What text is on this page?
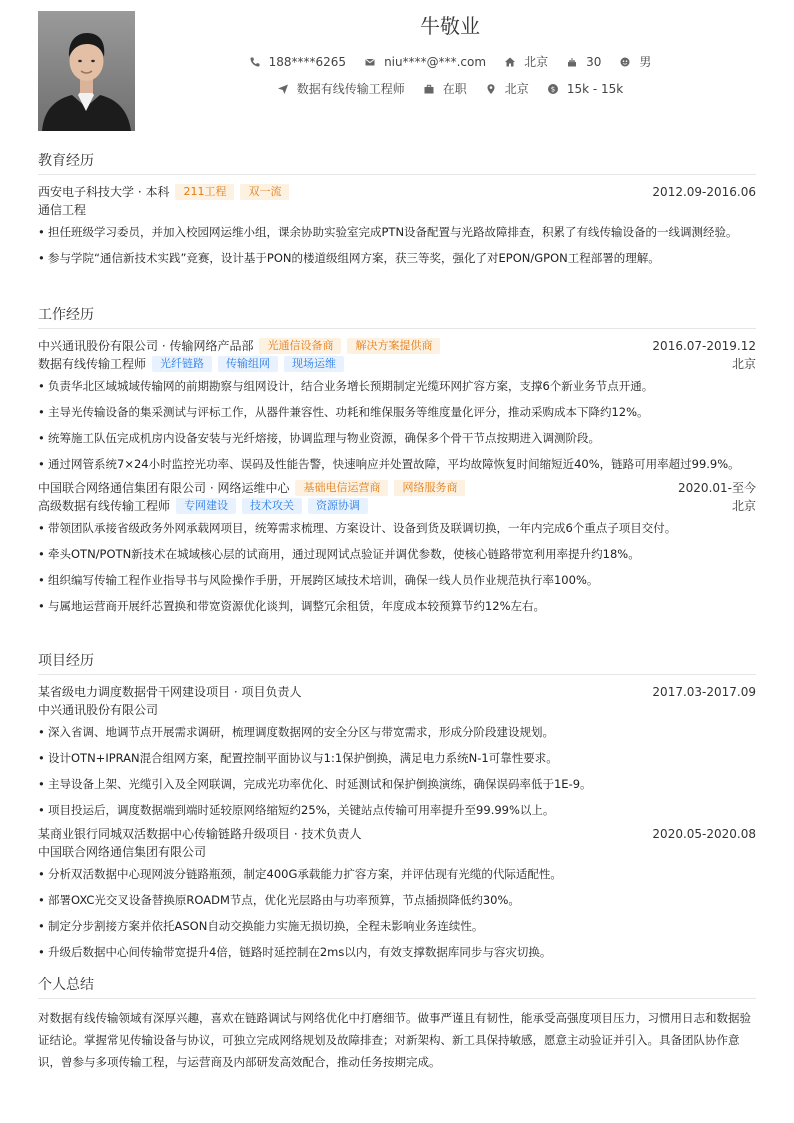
牛敬业
188****6265	niu****@***.com	北京	30	男
数据有线传输工程师	在职	北京	$ 15k - 15k
教育经历
西安电子科技大学 · 本科	211工程	双一流	2012.09-2016.06
通信工程
• 担任班级学习委员，并加入校园网运维小组，课余协助实验室完成PTN设备配置与光路故障排查，积累了有线传输设备的一线调测经验。
• 参与学院“通信新技术实践”竞赛，设计基于PON的楼道级组网方案，获三等奖，强化了对EPON/GPON工程部署的理解。
工作经历
中兴通讯股份有限公司 · 传输网络产品部	光通信设备商	解决方案提供商	2016.07-2019.12
数据有线传输工程师	光纤链路	传输组网	现场运维	北京
• 负责华北区域城域传输网的前期勘察与组网设计，结合业务增长预期制定光缆环网扩容方案，支撑6个新业务节点开通。
• 主导光传输设备的集采测试与评标工作，从器件兼容性、功耗和维保服务等维度量化评分，推动采购成本下降约12%。
• 统筹施工队伍完成机房内设备安装与光纤熔接，协调监理与物业资源，确保多个骨干节点按期进入调测阶段。
• 通过网管系统7×24小时监控光功率、误码及性能告警，快速响应并处置故障，平均故障恢复时间缩短近40%，链路可用率超过99.9%。
中国联合网络通信集团有限公司 · 网络运维中心	基础电信运营商	网络服务商	2020.01-至今
高级数据有线传输工程师	专网建设	技术攻关	资源协调	北京
• 带领团队承接省级政务外网承载网项目，统筹需求梳理、方案设计、设备到货及联调切换，一年内完成6个重点子项目交付。
• 牵头OTN/POTN新技术在城域核心层的试商用，通过现网试点验证并调优参数，使核心链路带宽利用率提升约18%。
• 组织编写传输工程作业指导书与风险操作手册，开展跨区域技术培训，确保一线人员作业规范执行率100%。
• 与属地运营商开展纤芯置换和带宽资源优化谈判，调整冗余租赁，年度成本较预算节约12%左右。
项目经历
某省级电力调度数据骨干网建设项目 · 项目负责人	2017.03-2017.09
中兴通讯股份有限公司
• 深入省调、地调节点开展需求调研，梳理调度数据网的安全分区与带宽需求，形成分阶段建设规划。
• 设计OTN+IPRAN混合组网方案，配置控制平面协议与1:1保护倒换，满足电力系统N-1可靠性要求。
• 主导设备上架、光缆引入及全网联调，完成光功率优化、时延测试和保护倒换演练，确保误码率低于1E-9。
• 项目投运后，调度数据端到端时延较原网络缩短约25%，关键站点传输可用率提升至99.99%以上。
某商业银行同城双活数据中心传输链路升级项目 · 技术负责人	2020.05-2020.08
中国联合网络通信集团有限公司
• 分析双活数据中心现网波分链路瓶颈，制定400G承载能力扩容方案，并评估现有光缆的代际适配性。
• 部署OXC光交叉设备替换原ROADM节点，优化光层路由与功率预算，节点插损降低约30%。
• 制定分步割接方案并依托ASON自动交换能力实施无损切换，全程未影响业务连续性。
• 升级后数据中心间传输带宽提升4倍，链路时延控制在2ms以内，有效支撑数据库同步与容灾切换。
个人总结
对数据有线传输领域有深厚兴趣，喜欢在链路调试与网络优化中打磨细节。做事严谨且有韧性，能承受高强度项目压力，习惯用日志和数据验证结论。掌握常见传输设备与协议，可独立完成网络规划及故障排查；对新架构、新工具保持敏感，愿意主动验证并引入。具备团队协作意识，曾参与多项传输工程，与运营商及内部研发高效配合，推动任务按期完成。
